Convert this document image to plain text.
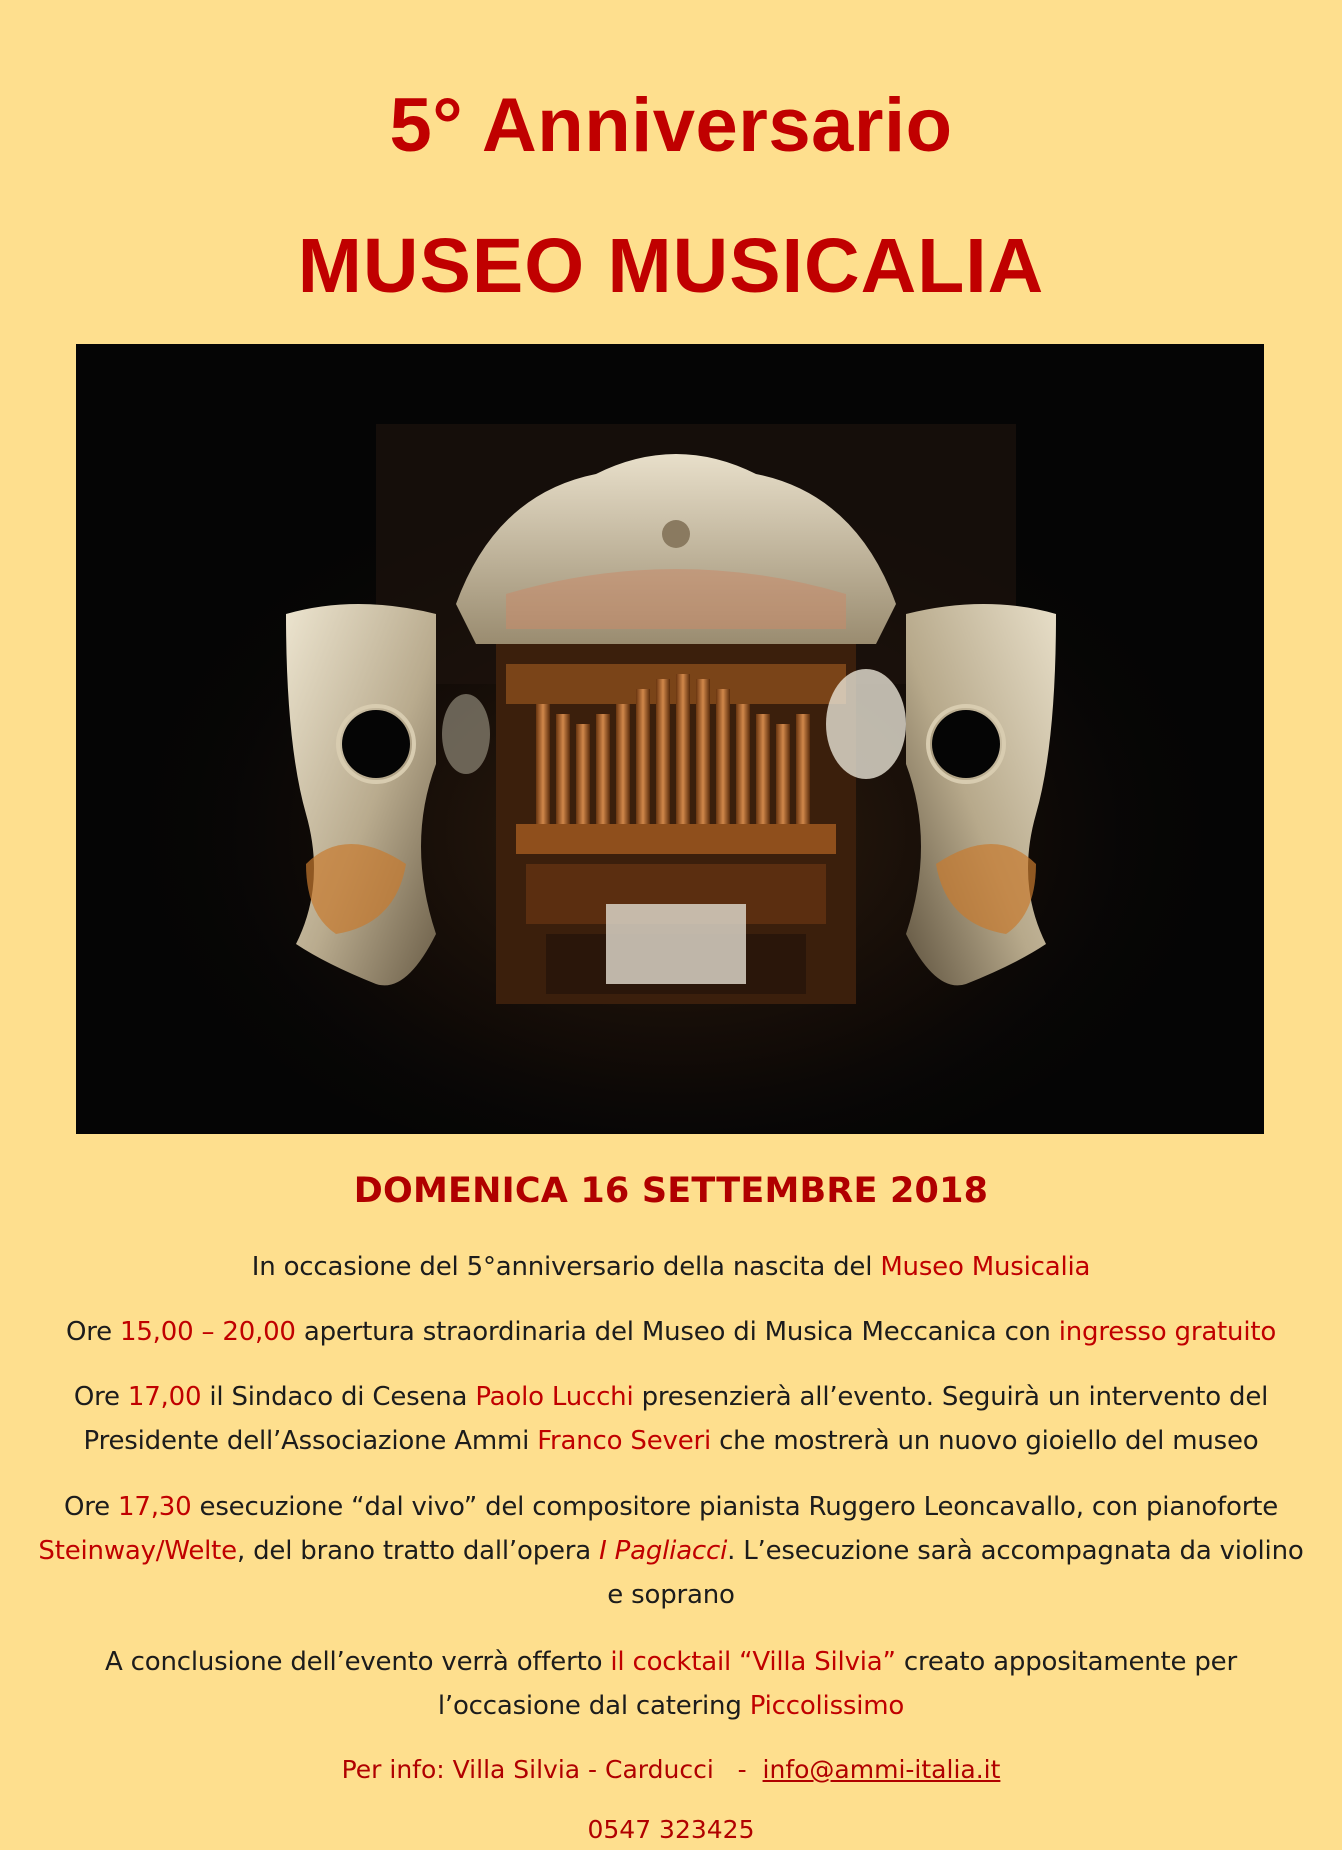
5° Anniversario
MUSEO MUSICALIA
DOMENICA 16 SETTEMBRE 2018

In occasione del 5°anniversario della nascita del Museo Musicalia

Ore 15,00 – 20,00 apertura straordinaria del Museo di Musica Meccanica con ingresso gratuito

Ore 17,00 il Sindaco di Cesena Paolo Lucchi presenzierà all’evento. Seguirà un intervento del
Presidente dell’Associazione Ammi Franco Severi che mostrerà un nuovo gioiello del museo

Ore 17,30 esecuzione “dal vivo” del compositore pianista Ruggero Leoncavallo, con pianoforte
Steinway/Welte, del brano tratto dall’opera I Pagliacci. L’esecuzione sarà accompagnata da violino
e soprano

A conclusione dell’evento verrà offerto il cocktail “Villa Silvia” creato appositamente per
l’occasione dal catering Piccolissimo

Per info: Villa Silvia - Carducci   -  info@ammi-italia.it

0547 323425
